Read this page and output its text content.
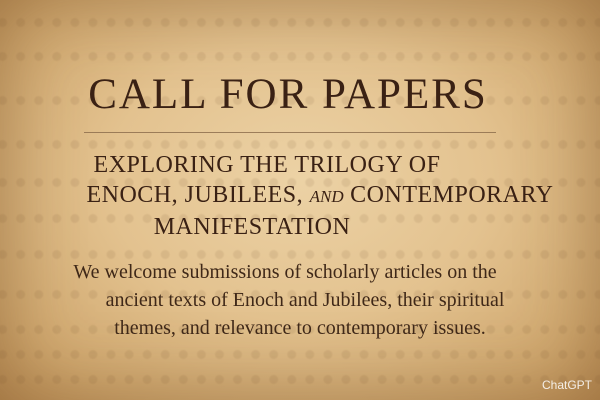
CALL FOR PAPERS
EXPLORING THE TRILOGY OF
ENOCH, JUBILEES, AND CONTEMPORARY
MANIFESTATION
We welcome submissions of scholarly articles on the
ancient texts of Enoch and Jubilees, their spiritual
themes, and relevance to contemporary issues.
ChatGPT
